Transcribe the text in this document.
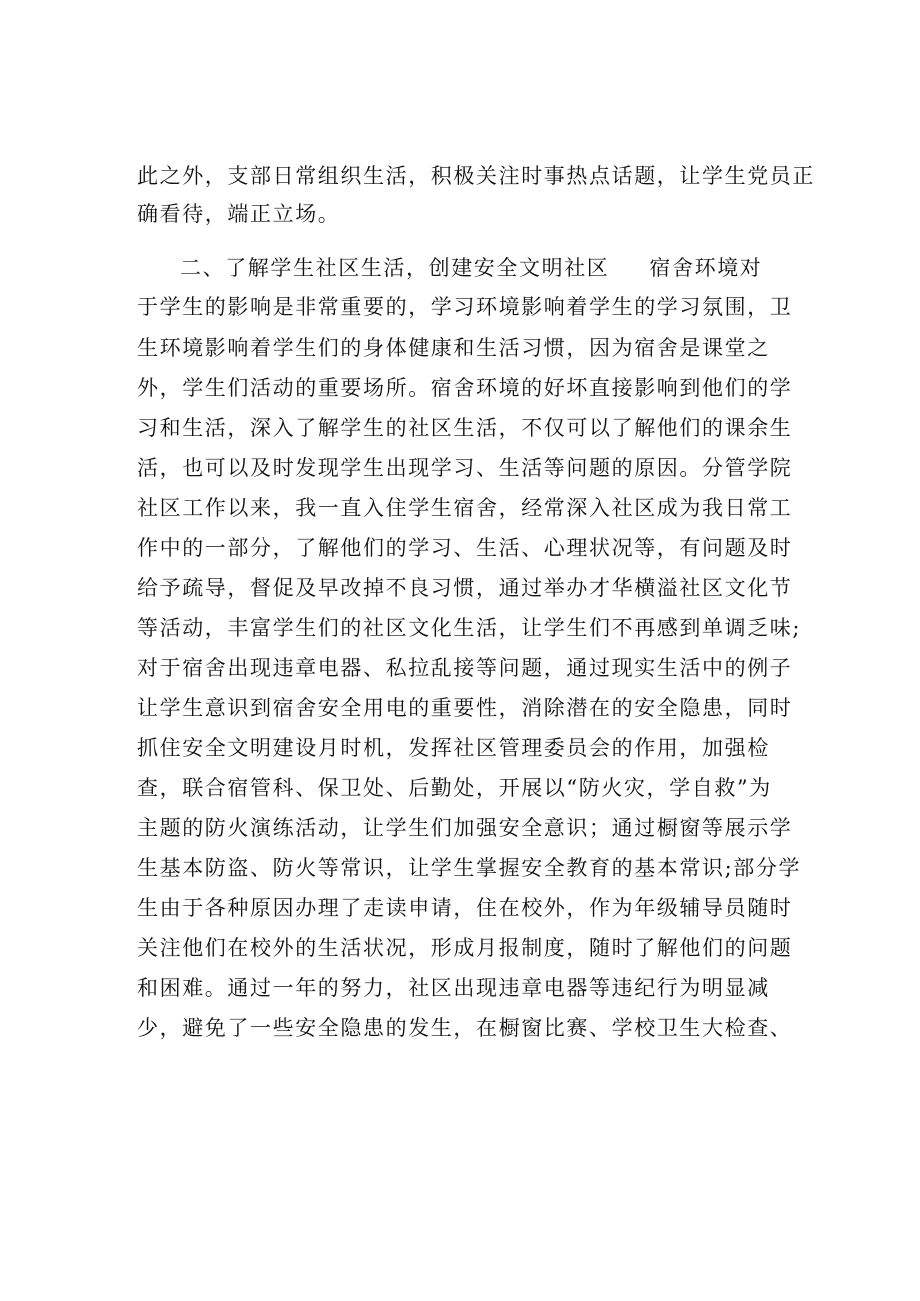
此之外，支部日常组织生活，积极关注时事热点话题，让学生党员正
确看待，端正立场。
二、了解学生社区生活，创建安全文明社区 宿舍环境对
于学生的影响是非常重要的，学习环境影响着学生的学习氛围，卫
生环境影响着学生们的身体健康和生活习惯，因为宿舍是课堂之
外，学生们活动的重要场所。宿舍环境的好坏直接影响到他们的学
习和生活，深入了解学生的社区生活，不仅可以了解他们的课余生
活，也可以及时发现学生出现学习、生活等问题的原因。分管学院
社区工作以来，我一直入住学生宿舍，经常深入社区成为我日常工
作中的一部分，了解他们的学习、生活、心理状况等，有问题及时
给予疏导，督促及早改掉不良习惯，通过举办才华横溢社区文化节
等活动，丰富学生们的社区文化生活，让学生们不再感到单调乏味;
对于宿舍出现违章电器、私拉乱接等问题，通过现实生活中的例子
让学生意识到宿舍安全用电的重要性，消除潜在的安全隐患，同时
抓住安全文明建设月时机，发挥社区管理委员会的作用，加强检
查，联合宿管科、保卫处、后勤处，开展以“防火灾，学自救”为
主题的防火演练活动，让学生们加强安全意识；通过橱窗等展示学
生基本防盗、防火等常识，让学生掌握安全教育的基本常识;部分学
生由于各种原因办理了走读申请，住在校外，作为年级辅导员随时
关注他们在校外的生活状况，形成月报制度，随时了解他们的问题
和困难。通过一年的努力，社区出现违章电器等违纪行为明显减
少，避免了一些安全隐患的发生，在橱窗比赛、学校卫生大检查、
